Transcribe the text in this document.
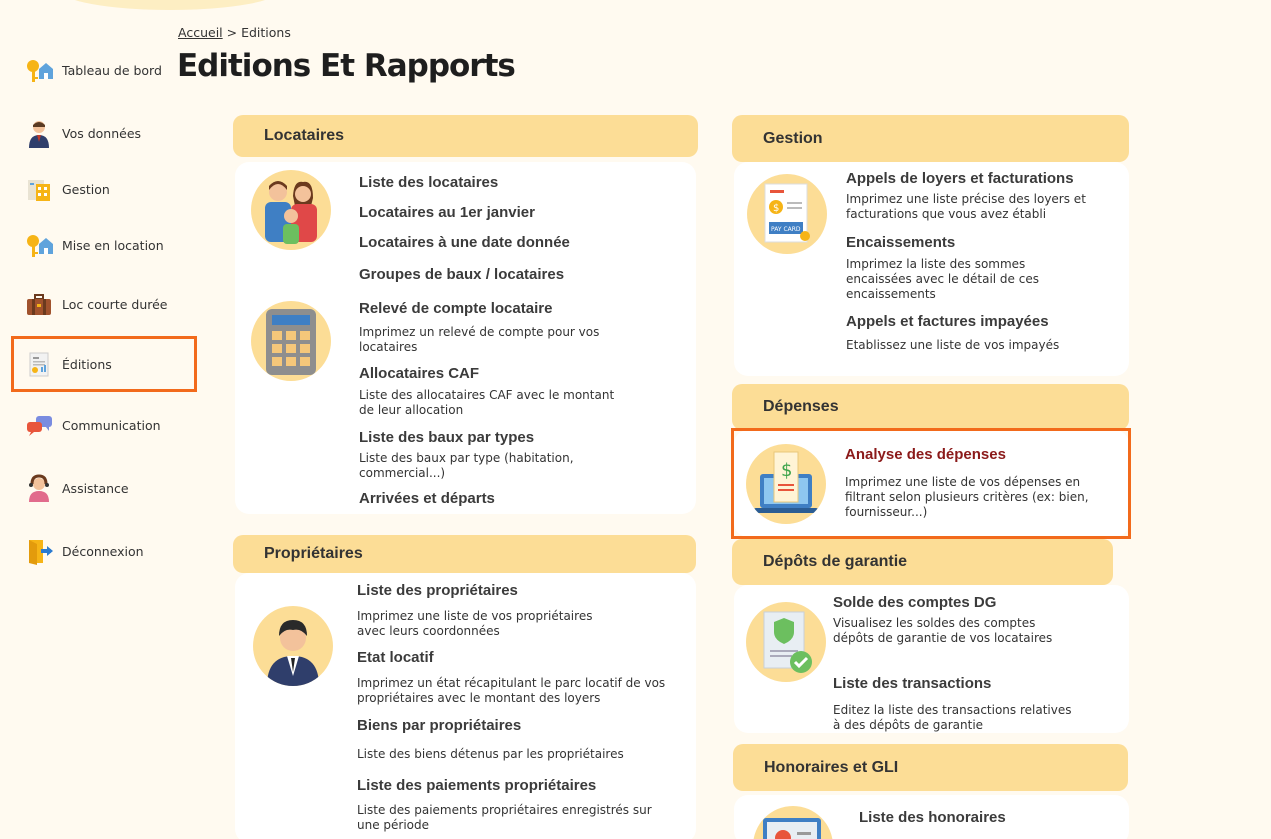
Tableau de bord
Vos données
Gestion
Mise en location
Loc courte durée
Éditions
Communication
Assistance
Déconnexion
Accueil > Editions
Editions Et Rapports
Locataires
Liste des locataires
Locataires au 1er janvier
Locataires à une date donnée
Groupes de baux / locataires
Relevé de compte locataire

Imprimez un relevé de compte pour vos locataires

Allocataires CAF

Liste des allocataires CAF avec le montant de leur allocation

Liste des baux par types

Liste des baux par type (habitation, commercial...)

Arrivées et départs
Propriétaires
Liste des propriétaires

Imprimez une liste de vos propriétaires avec leurs coordonnées

Etat locatif

Imprimez un état récapitulant le parc locatif de vos propriétaires avec le montant des loyers

Biens par propriétaires

Liste des biens détenus par les propriétaires

Liste des paiements propriétaires

Liste des paiements propriétaires enregistrés sur une période

Gestion
$
PAY CARD
Appels de loyers et facturations

Imprimez une liste précise des loyers et facturations que vous avez établi

Encaissements

Imprimez la liste des sommes encaissées avec le détail de ces encaissements

Appels et factures impayées

Etablissez une liste de vos impayés

Dépenses
$
Analyse des dépenses

Imprimez une liste de vos dépenses en filtrant selon plusieurs critères (ex: bien, fournisseur...)

Dépôts de garantie
Solde des comptes DG

Visualisez les soldes des comptes dépôts de garantie de vos locataires

Liste des transactions

Editez la liste des transactions relatives à des dépôts de garantie

Honoraires et GLI
Liste des honoraires
